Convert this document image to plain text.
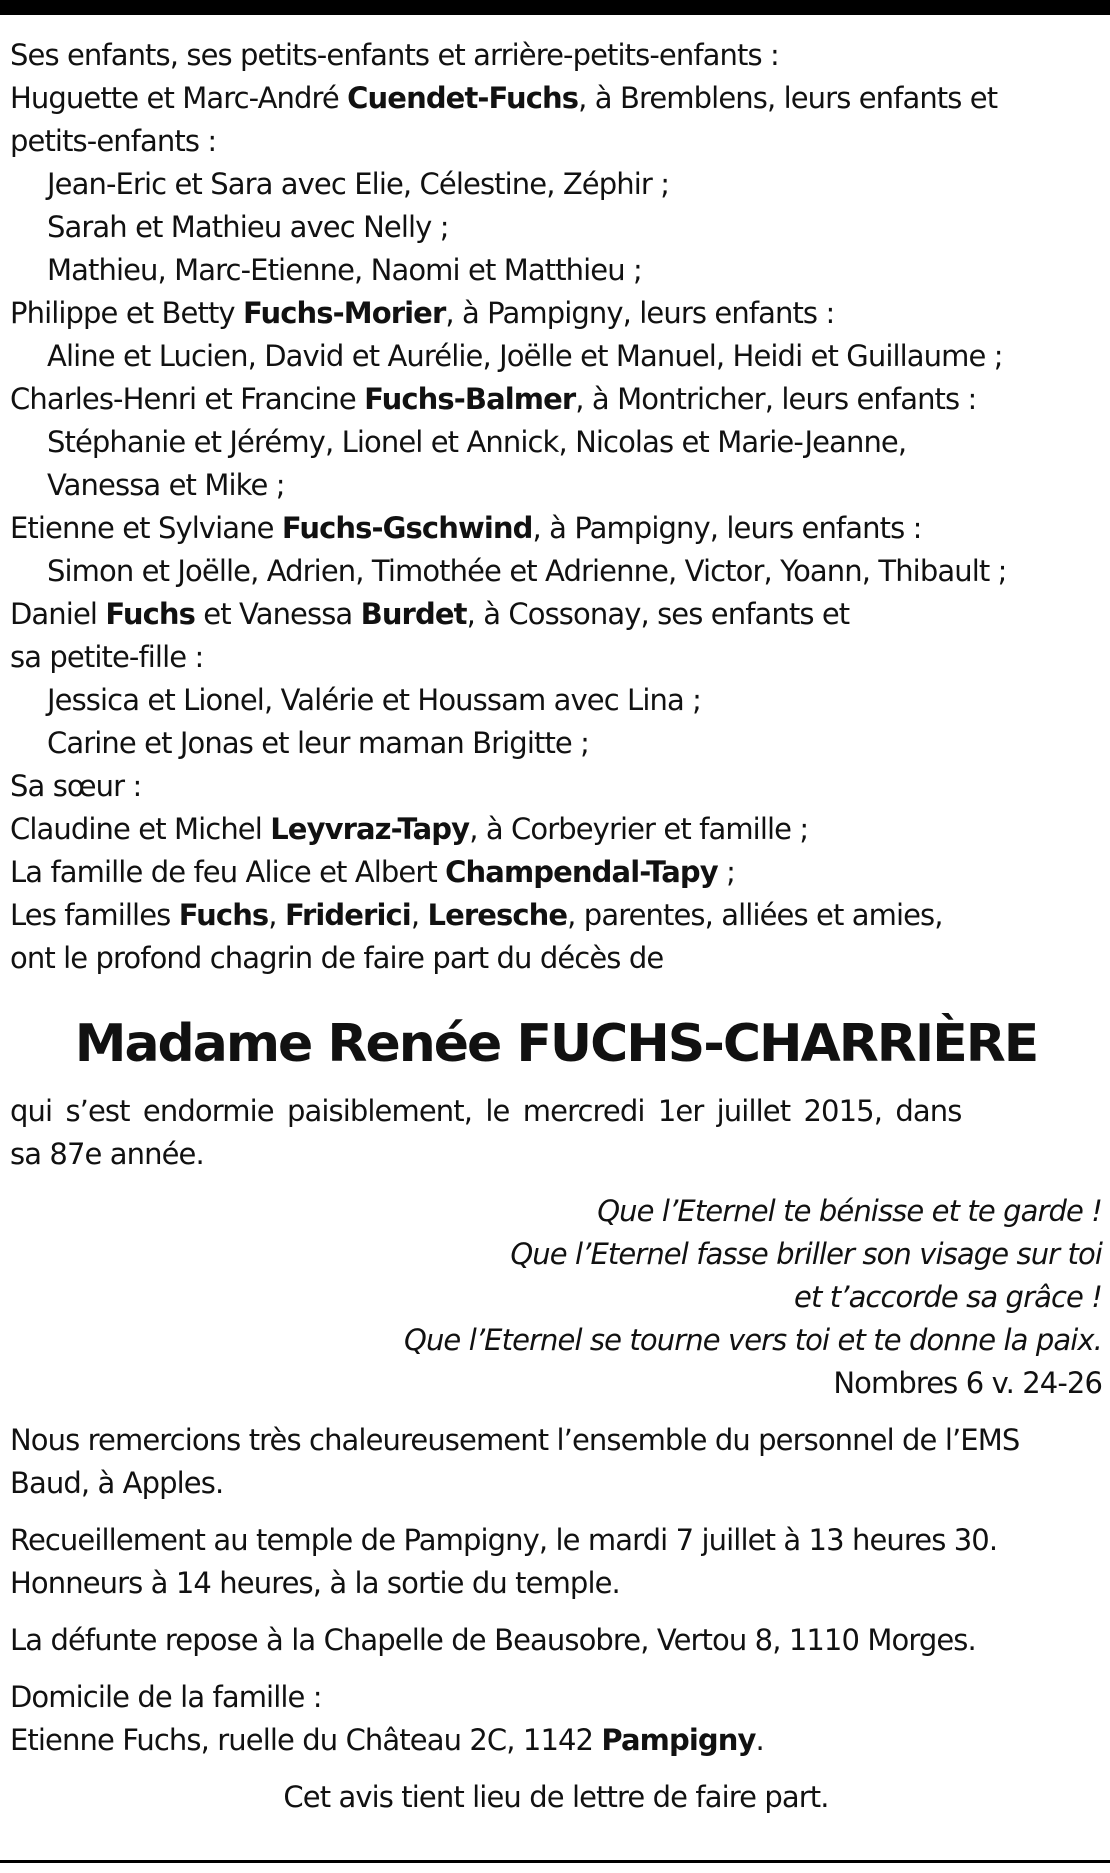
Ses enfants, ses petits-enfants et arrière-petits-enfants :
Huguette et Marc-André Cuendet-Fuchs, à Bremblens, leurs enfants et
petits-enfants :
Jean-Eric et Sara avec Elie, Célestine, Zéphir ;
Sarah et Mathieu avec Nelly ;
Mathieu, Marc-Etienne, Naomi et Matthieu ;
Philippe et Betty Fuchs-Morier, à Pampigny, leurs enfants :
Aline et Lucien, David et Aurélie, Joëlle et Manuel, Heidi et Guillaume ;
Charles-Henri et Francine Fuchs-Balmer, à Montricher, leurs enfants :
Stéphanie et Jérémy, Lionel et Annick, Nicolas et Marie-Jeanne,
Vanessa et Mike ;
Etienne et Sylviane Fuchs-Gschwind, à Pampigny, leurs enfants :
Simon et Joëlle, Adrien, Timothée et Adrienne, Victor, Yoann, Thibault ;
Daniel Fuchs et Vanessa Burdet, à Cossonay, ses enfants et
sa petite-fille :
Jessica et Lionel, Valérie et Houssam avec Lina ;
Carine et Jonas et leur maman Brigitte ;
Sa sœur :
Claudine et Michel Leyvraz-Tapy, à Corbeyrier et famille ;
La famille de feu Alice et Albert Champendal-Tapy ;
Les familles Fuchs, Friderici, Leresche, parentes, alliées et amies,
ont le profond chagrin de faire part du décès de
Madame Renée FUCHS-CHARRIÈRE
qui s’est endormie paisiblement, le mercredi 1er juillet 2015, dans
sa 87e année.
Que l’Eternel te bénisse et te garde !
Que l’Eternel fasse briller son visage sur toi
et t’accorde sa grâce !
Que l’Eternel se tourne vers toi et te donne la paix.
Nombres 6 v. 24-26
Nous remercions très chaleureusement l’ensemble du personnel de l’EMS
Baud, à Apples.
Recueillement au temple de Pampigny, le mardi 7 juillet à 13 heures 30.
Honneurs à 14 heures, à la sortie du temple.
La défunte repose à la Chapelle de Beausobre, Vertou 8, 1110 Morges.
Domicile de la famille :
Etienne Fuchs, ruelle du Château 2C, 1142 Pampigny.
Cet avis tient lieu de lettre de faire part.
